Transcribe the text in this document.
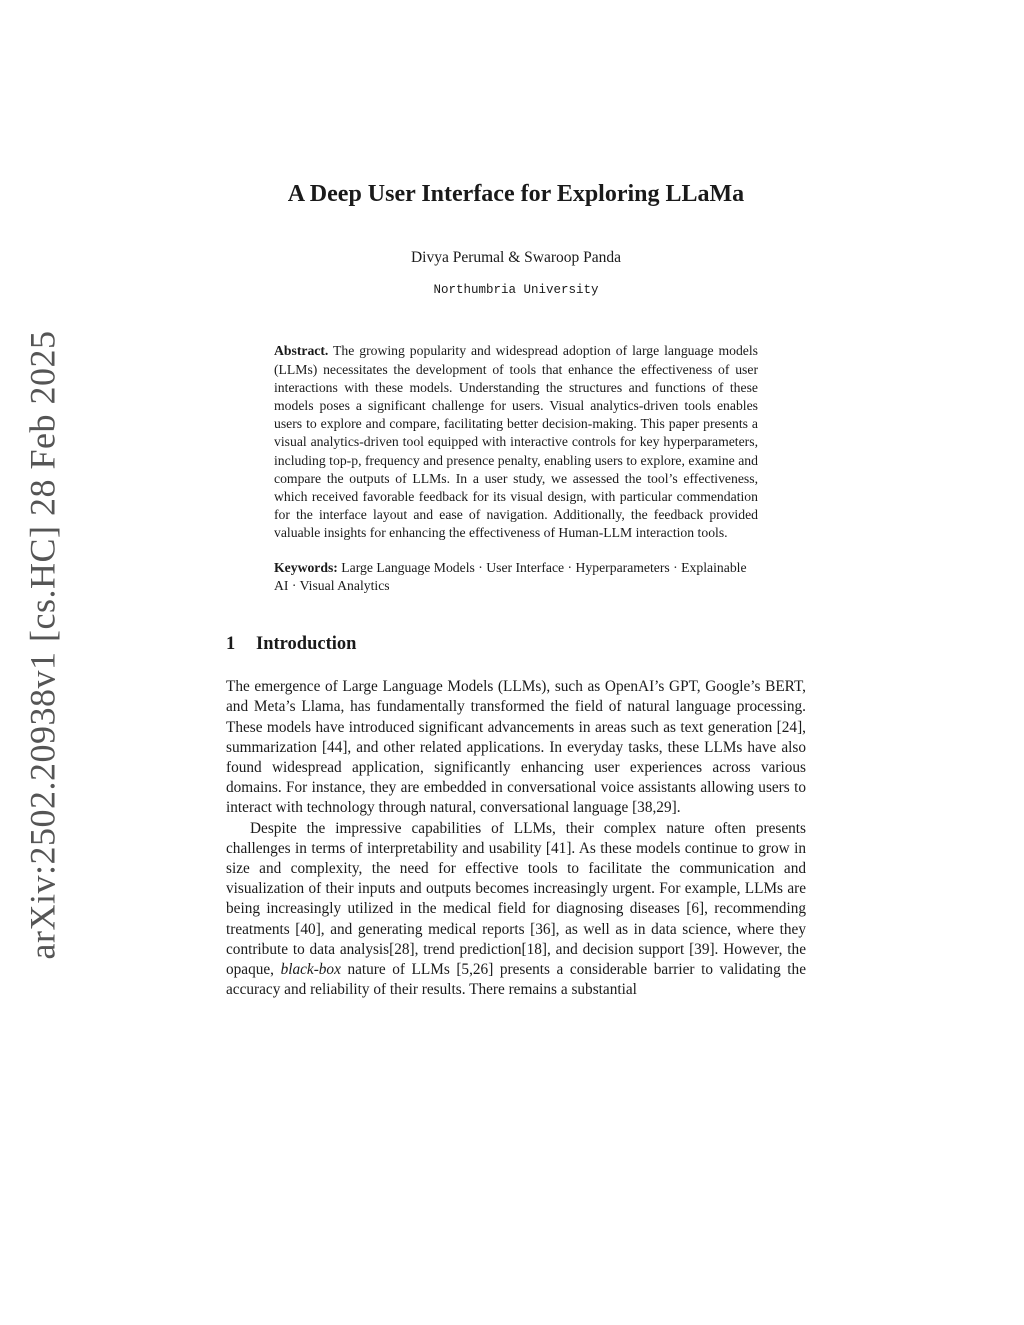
arXiv:2502.20938v1 [cs.HC] 28 Feb 2025
A Deep User Interface for Exploring LLaMa
Divya Perumal & Swaroop Panda
Northumbria University
Abstract. The growing popularity and widespread adoption of large language models (LLMs) necessitates the development of tools that enhance the effectiveness of user interactions with these models. Understanding the structures and functions of these models poses a significant challenge for users. Visual analytics-driven tools enables users to explore and compare, facilitating better decision-making. This paper presents a visual analytics-driven tool equipped with interactive controls for key hyperparameters, including top-p, frequency and presence penalty, enabling users to explore, examine and compare the outputs of LLMs. In a user study, we assessed the tool’s effectiveness, which received favorable feedback for its visual design, with particular commendation for the interface layout and ease of navigation. Additionally, the feedback provided valuable insights for enhancing the effectiveness of Human-LLM interaction tools.
Keywords: Large Language Models · User Interface · Hyperparameters · Explainable AI · Visual Analytics
1 Introduction

The emergence of Large Language Models (LLMs), such as OpenAI’s GPT, Google’s BERT, and Meta’s Llama, has fundamentally transformed the field of natural language processing. These models have introduced significant advancements in areas such as text generation [24], summarization [44], and other related applications. In everyday tasks, these LLMs have also found widespread application, significantly enhancing user experiences across various domains. For instance, they are embedded in conversational voice assistants allowing users to interact with technology through natural, conversational language [38,29].

Despite the impressive capabilities of LLMs, their complex nature often presents challenges in terms of interpretability and usability [41]. As these models continue to grow in size and complexity, the need for effective tools to facilitate the communication and visualization of their inputs and outputs becomes increasingly urgent. For example, LLMs are being increasingly utilized in the medical field for diagnosing diseases [6], recommending treatments [40], and generating medical reports [36], as well as in data science, where they contribute to data analysis[28], trend prediction[18], and decision support [39]. However, the opaque, black-box nature of LLMs [5,26] presents a considerable barrier to validating the accuracy and reliability of their results. There remains a substantial
